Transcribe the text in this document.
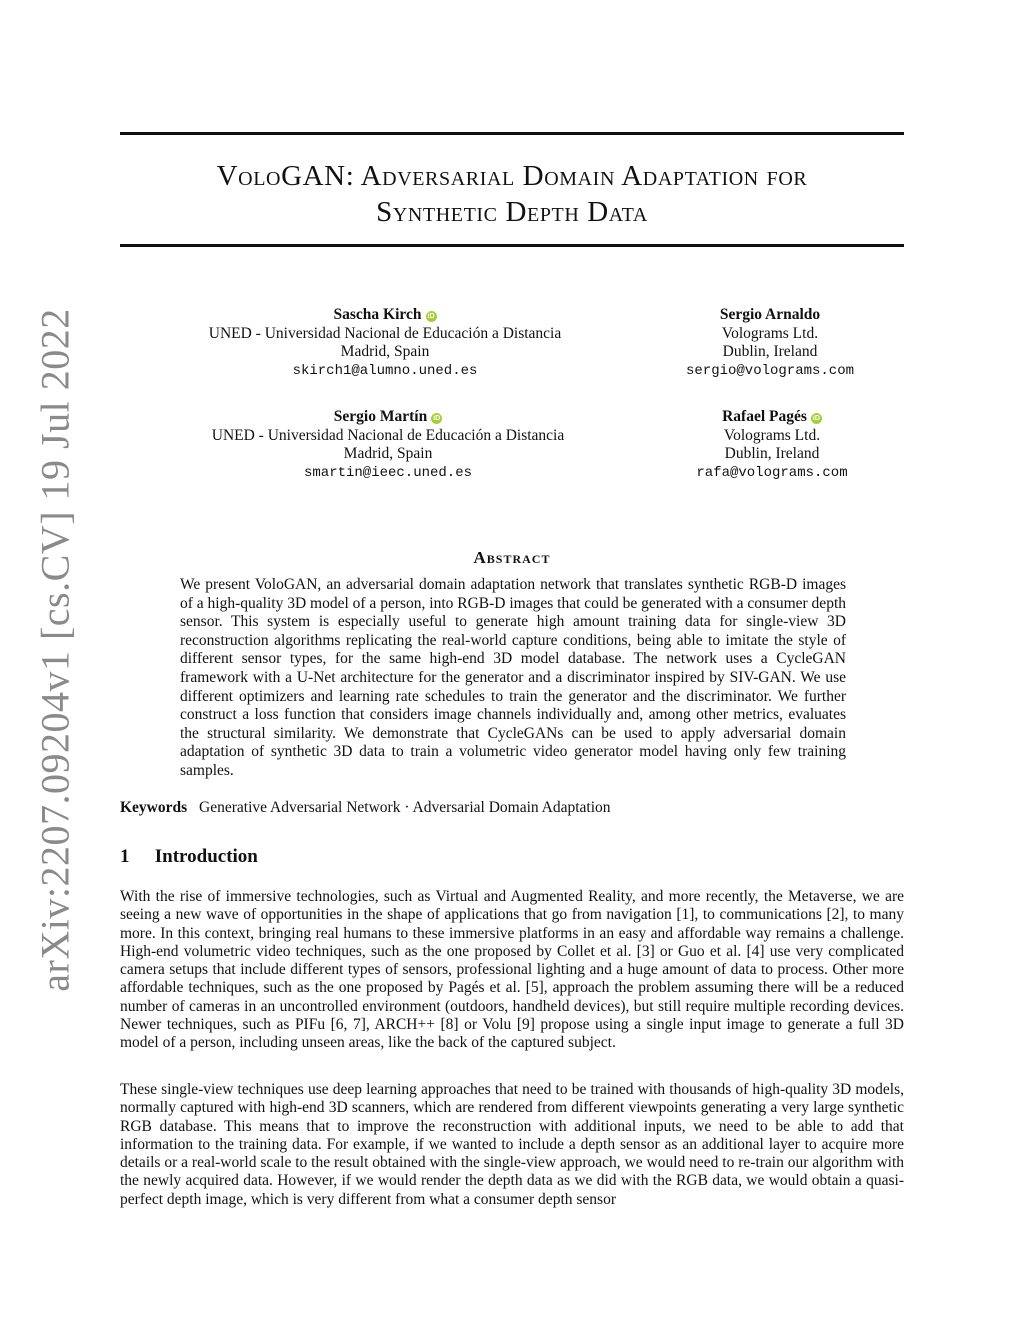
arXiv:2207.09204v1 [cs.CV] 19 Jul 2022
VoloGAN: Adversarial Domain Adaptation for
Synthetic Depth Data
Sascha Kirch iD
UNED - Universidad Nacional de Educación a Distancia
Madrid, Spain
skirch1@alumno.uned.es
Sergio Arnaldo
Volograms Ltd.
Dublin, Ireland
sergio@volograms.com
Sergio Martín iD
UNED - Universidad Nacional de Educación a Distancia
Madrid, Spain
smartin@ieec.uned.es
Rafael Pagés iD
Volograms Ltd.
Dublin, Ireland
rafa@volograms.com
Abstract
We present VoloGAN, an adversarial domain adaptation network that translates synthetic RGB-D images of a high-quality 3D model of a person, into RGB-D images that could be generated with a consumer depth sensor. This system is especially useful to generate high amount training data for single-view 3D reconstruction algorithms replicating the real-world capture conditions, being able to imitate the style of different sensor types, for the same high-end 3D model database. The network uses a CycleGAN framework with a U-Net architecture for the generator and a discriminator inspired by SIV-GAN. We use different optimizers and learning rate schedules to train the generator and the discriminator. We further construct a loss function that considers image channels individually and, among other metrics, evaluates the structural similarity. We demonstrate that CycleGANs can be used to apply adversarial domain adaptation of synthetic 3D data to train a volumetric video generator model having only few training samples.
Keywords Generative Adversarial Network · Adversarial Domain Adaptation
1 Introduction
With the rise of immersive technologies, such as Virtual and Augmented Reality, and more recently, the Metaverse, we are seeing a new wave of opportunities in the shape of applications that go from navigation [1], to communications [2], to many more. In this context, bringing real humans to these immersive platforms in an easy and affordable way remains a challenge. High-end volumetric video techniques, such as the one proposed by Collet et al. [3] or Guo et al. [4] use very complicated camera setups that include different types of sensors, professional lighting and a huge amount of data to process. Other more affordable techniques, such as the one proposed by Pagés et al. [5], approach the problem assuming there will be a reduced number of cameras in an uncontrolled environment (outdoors, handheld devices), but still require multiple recording devices. Newer techniques, such as PIFu [6, 7], ARCH++ [8] or Volu [9] propose using a single input image to generate a full 3D model of a person, including unseen areas, like the back of the captured subject.
These single-view techniques use deep learning approaches that need to be trained with thousands of high-quality 3D models, normally captured with high-end 3D scanners, which are rendered from different viewpoints generating a very large synthetic RGB database. This means that to improve the reconstruction with additional inputs, we need to be able to add that information to the training data. For example, if we wanted to include a depth sensor as an additional layer to acquire more details or a real-world scale to the result obtained with the single-view approach, we would need to re-train our algorithm with the newly acquired data. However, if we would render the depth data as we did with the RGB data, we would obtain a quasi-perfect depth image, which is very different from what a consumer depth sensor
